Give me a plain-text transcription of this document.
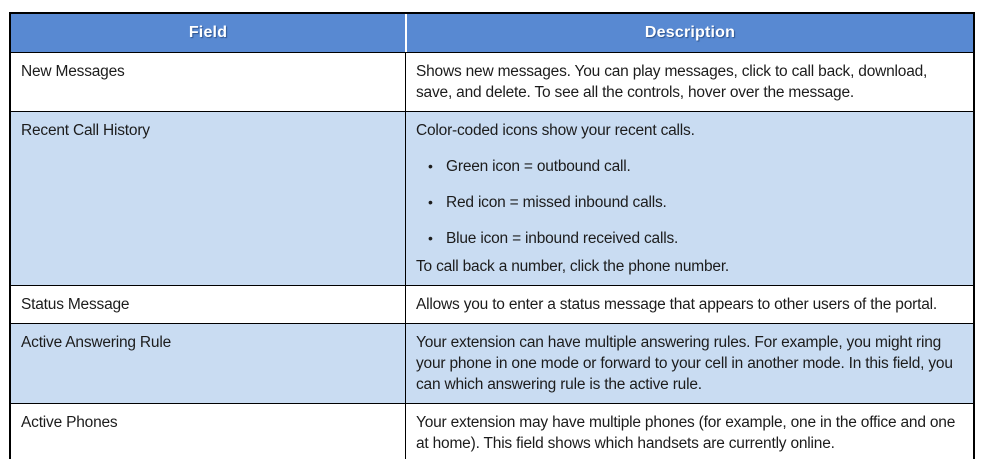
Field	Description
New Messages	Shows new messages. You can play messages, click to call back, download, save, and delete. To see all the controls, hover over the message.

Recent Call History	Color-coded icons show your recent calls.
• Green icon = outbound call.
• Red icon = missed inbound calls.
• Blue icon = inbound received calls.
To call back a number, click the phone number.

Status Message	Allows you to enter a status message that appears to other users of the portal.

Active Answering Rule	Your extension can have multiple answering rules. For example, you might ring your phone in one mode or forward to your cell in another mode. In this field, you can which answering rule is the active rule.

Active Phones	Your extension may have multiple phones (for example, one in the office and one at home). This field shows which handsets are currently online.
